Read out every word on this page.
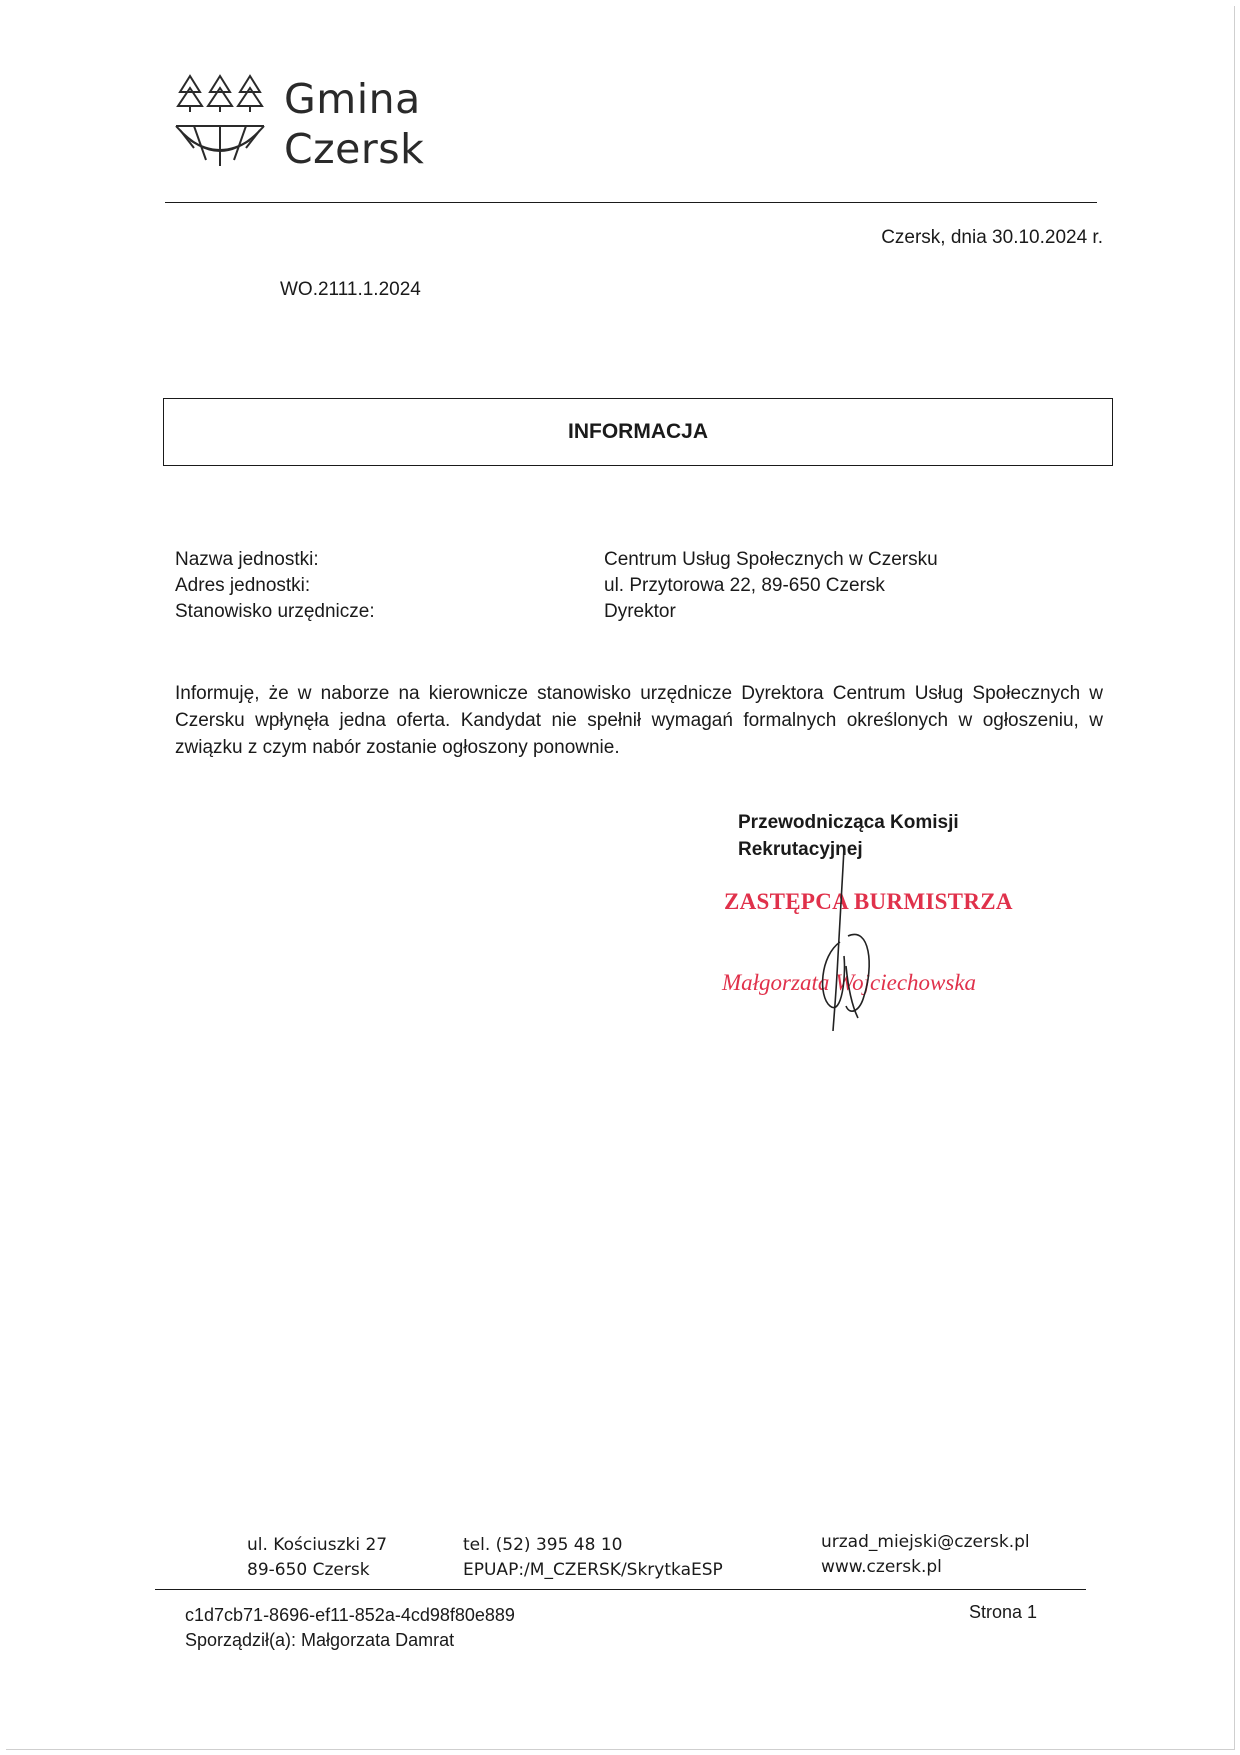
Gmina
Czersk
Czersk, dnia 30.10.2024 r.
WO.2111.1.2024
INFORMACJA
Nazwa jednostki:	Centrum Usług Społecznych w Czersku
Adres jednostki:	ul. Przytorowa 22, 89-650 Czersk
Stanowisko urzędnicze:	Dyrektor
Informuję, że w naborze na kierownicze stanowisko urzędnicze Dyrektora Centrum Usług Społecznych w Czersku wpłynęła jedna oferta. Kandydat nie spełnił wymagań formalnych określonych w ogłoszeniu, w związku z czym nabór zostanie ogłoszony ponownie.
Przewodnicząca Komisji
Rekrutacyjnej
ZASTĘPCA BURMISTRZA
Małgorzata Wojciechowska
ul. Kościuszki 27
89-650 Czersk
tel. (52) 395 48 10
EPUAP:/M_CZERSK/SkrytkaESP
urzad_miejski@czersk.pl
www.czersk.pl
c1d7cb71-8696-ef11-852a-4cd98f80e889
Sporządził(a): Małgorzata Damrat
Strona 1
